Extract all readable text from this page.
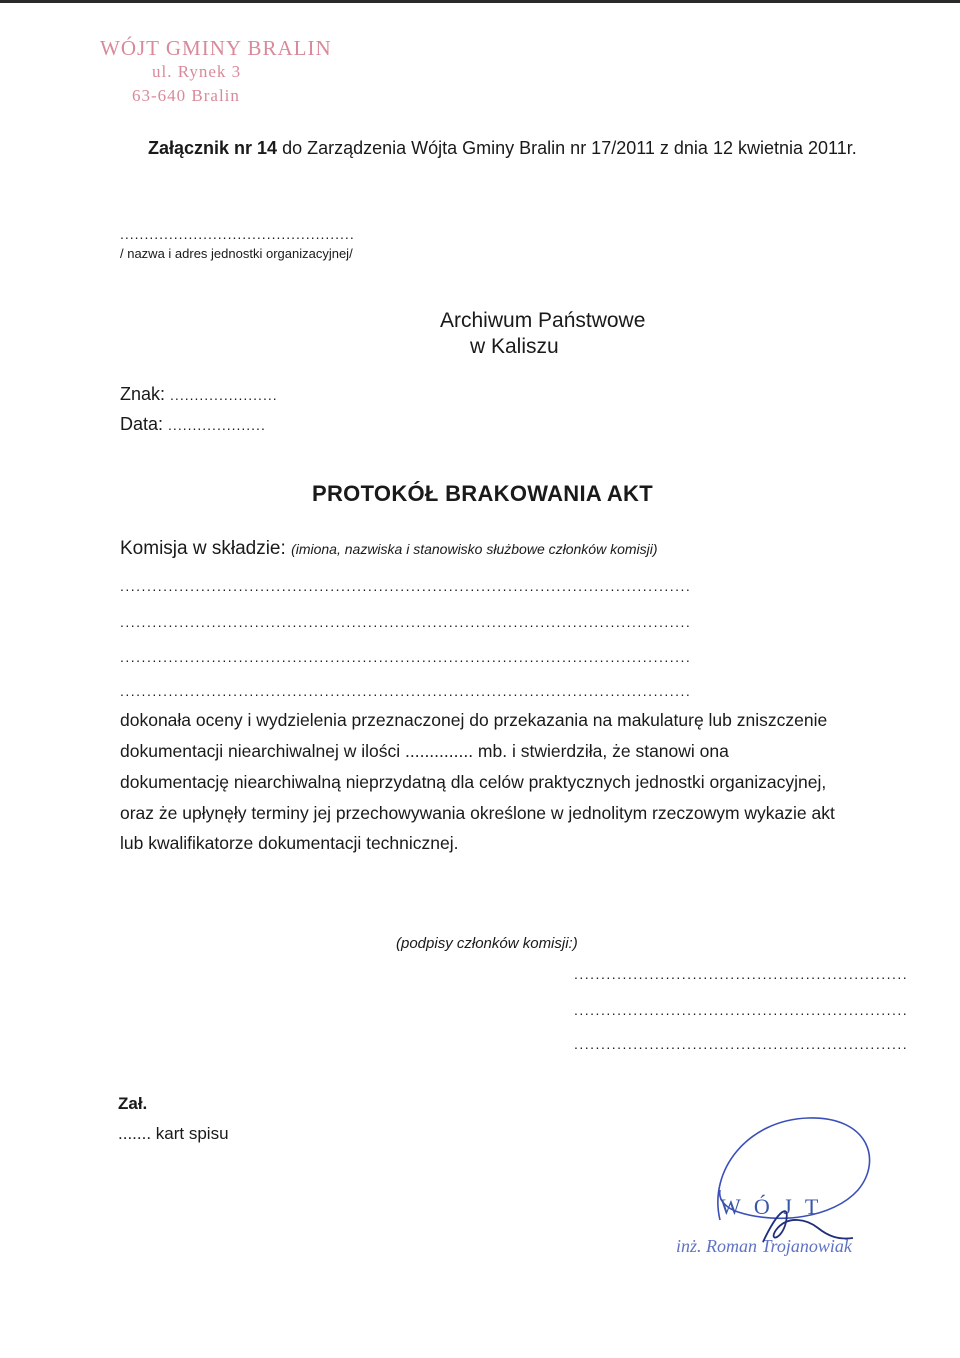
WÓJT GMINY BRALIN
ul. Rynek 3
63-640 Bralin
Załącznik nr 14 do Zarządzenia Wójta Gminy Bralin nr 17/2011 z dnia 12 kwietnia 2011r.
................................................
/ nazwa i adres jednostki organizacyjnej/
Archiwum Państwowe
w Kaliszu
Znak: ......................
Data: ....................
PROTOKÓŁ BRAKOWANIA AKT
Komisja w składzie: (imiona, nazwiska i stanowisko służbowe członków komisji)
..........................................................................................................
..........................................................................................................
..........................................................................................................
..........................................................................................................
dokonała oceny i wydzielenia przeznaczonej do przekazania na makulaturę lub zniszczenie
dokumentacji niearchiwalnej w ilości .............. mb. i stwierdziła, że stanowi ona
dokumentację niearchiwalną nieprzydatną dla celów praktycznych jednostki organizacyjnej,
oraz że upłynęły terminy jej przechowywania określone w jednolitym rzeczowym wykazie akt
lub kwalifikatorze dokumentacji technicznej.
(podpisy członków komisji:)
..............................................................
..............................................................
..............................................................
Zał.
....... kart spisu
W Ó J T
inż. Roman Trojanowiak
